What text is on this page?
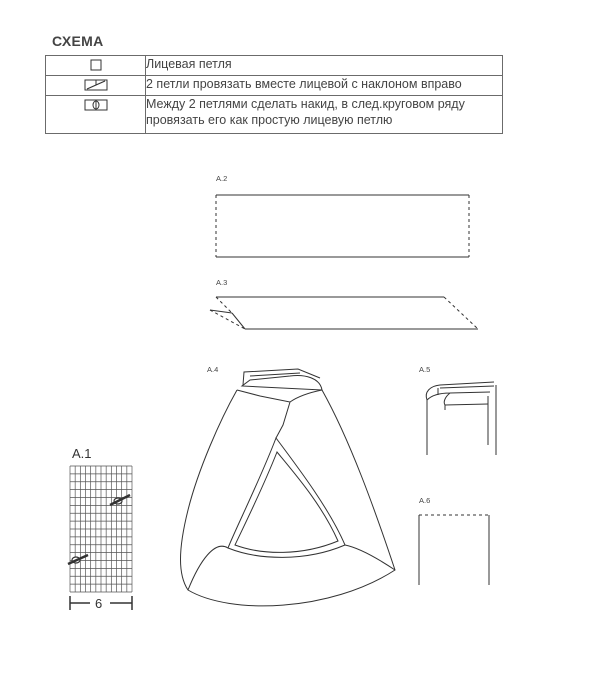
СХЕМА
	Лицевая петля

	2 петли провязать вместе лицевой с наклоном вправо

	Между 2 петлями сделать накид, в след.круговом ряду провязать его как простую лицевую петлю
A.2
A.3
A.4	A.5
A.6
A.1
6
